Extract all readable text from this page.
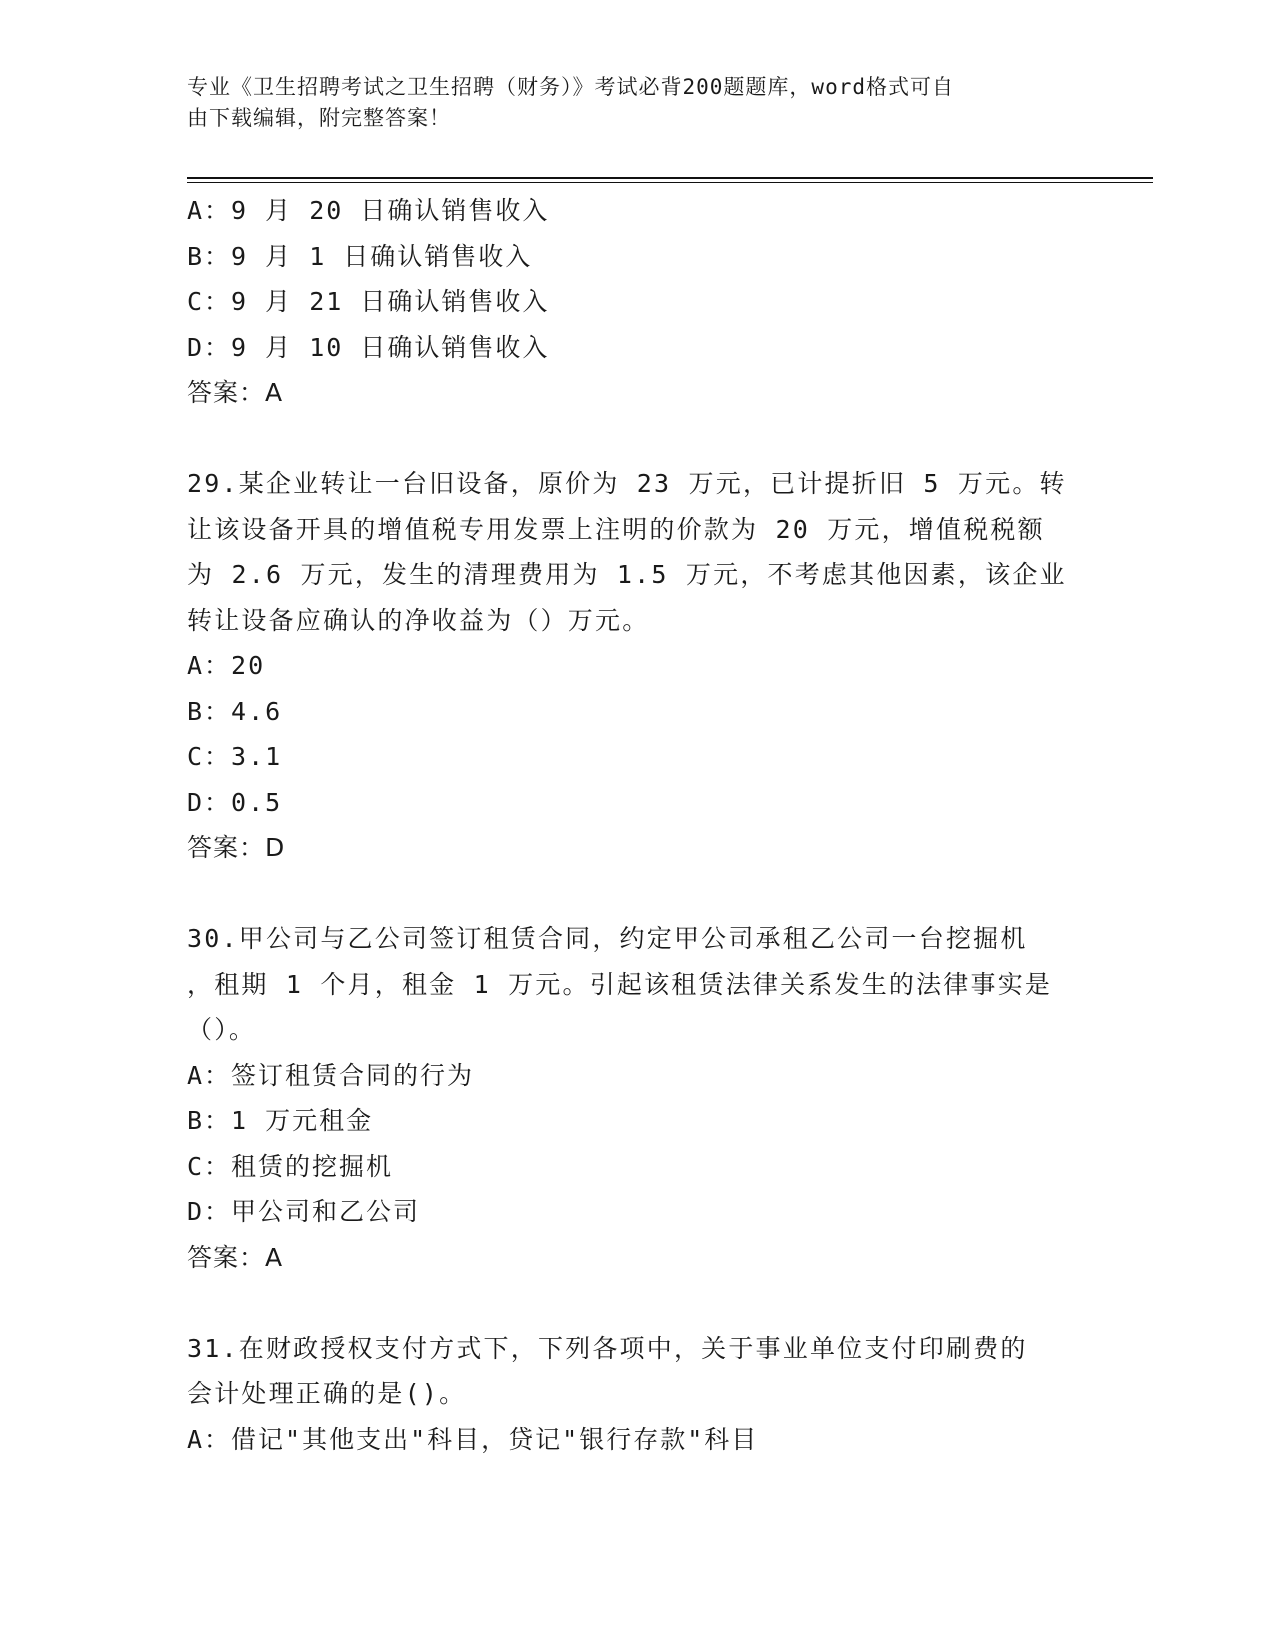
专业《卫生招聘考试之卫生招聘（财务）》考试必背200题题库，word格式可自
由下载编辑，附完整答案！
A：9 月 20 日确认销售收入
B：9 月 1 日确认销售收入
C：9 月 21 日确认销售收入
D：9 月 10 日确认销售收入
答案：A
29.某企业转让一台旧设备，原价为 23 万元，已计提折旧 5 万元。转
让该设备开具的增值税专用发票上注明的价款为 20 万元，增值税税额
为 2.6 万元，发生的清理费用为 1.5 万元，不考虑其他因素，该企业
转让设备应确认的净收益为（）万元。
A：20
B：4.6
C：3.1
D：0.5
答案：D
30.甲公司与乙公司签订租赁合同，约定甲公司承租乙公司一台挖掘机
，租期 1 个月，租金 1 万元。引起该租赁法律关系发生的法律事实是
（）。
A：签订租赁合同的行为
B：1 万元租金
C：租赁的挖掘机
D：甲公司和乙公司
答案：A
31.在财政授权支付方式下，下列各项中，关于事业单位支付印刷费的
会计处理正确的是()。
A：借记"其他支出"科目，贷记"银行存款"科目
